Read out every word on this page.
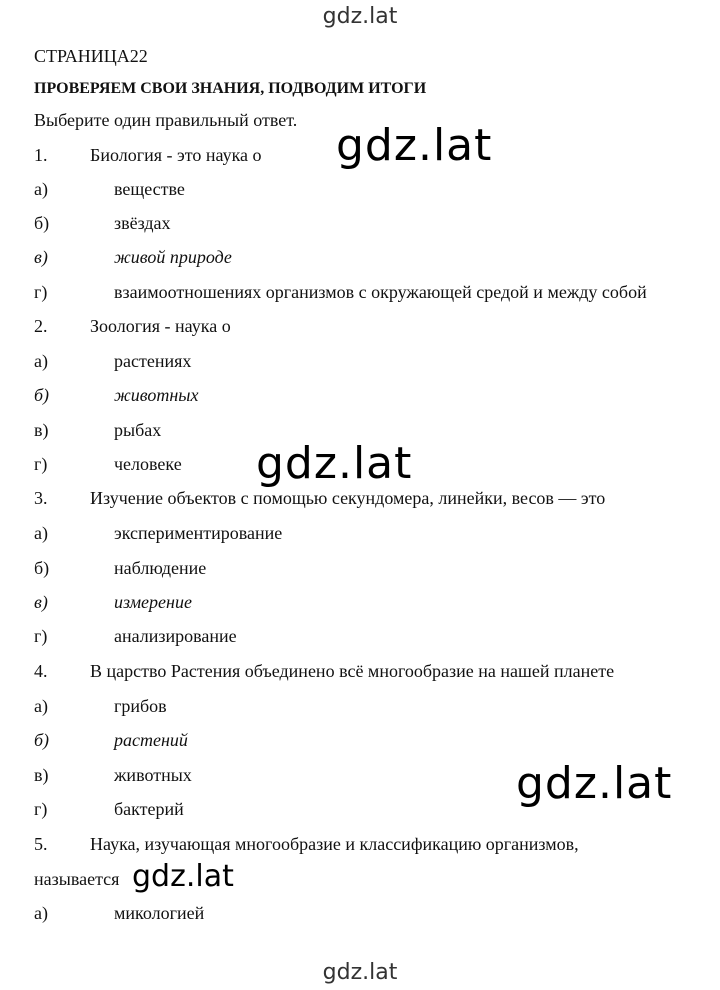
gdz.lat
СТРАНИЦА22
ПРОВЕРЯЕМ СВОИ ЗНАНИЯ, ПОДВОДИМ ИТОГИ
Выберите один правильный ответ.
1. Биология - это наука о
а)	веществе
б)	звёздах
в)	живой природе
г)	взаимоотношениях организмов с окружающей средой и между собой
2. Зоология - наука о
а)	растениях
б)	животных
в)	рыбах
г)	человеке
3. Изучение объектов с помощью секундомера, линейки, весов — это
а)	экспериментирование
б)	наблюдение
в)	измерение
г)	анализирование
4. В царство Растения объединено всё многообразие на нашей планете
а)	грибов
б)	растений
в)	животных
г)	бактерий
5. Наука, изучающая многообразие и классификацию организмов,
называется
а)	микологией
gdz.lat
gdz.lat
gdz.lat
gdz.lat
gdz.lat
